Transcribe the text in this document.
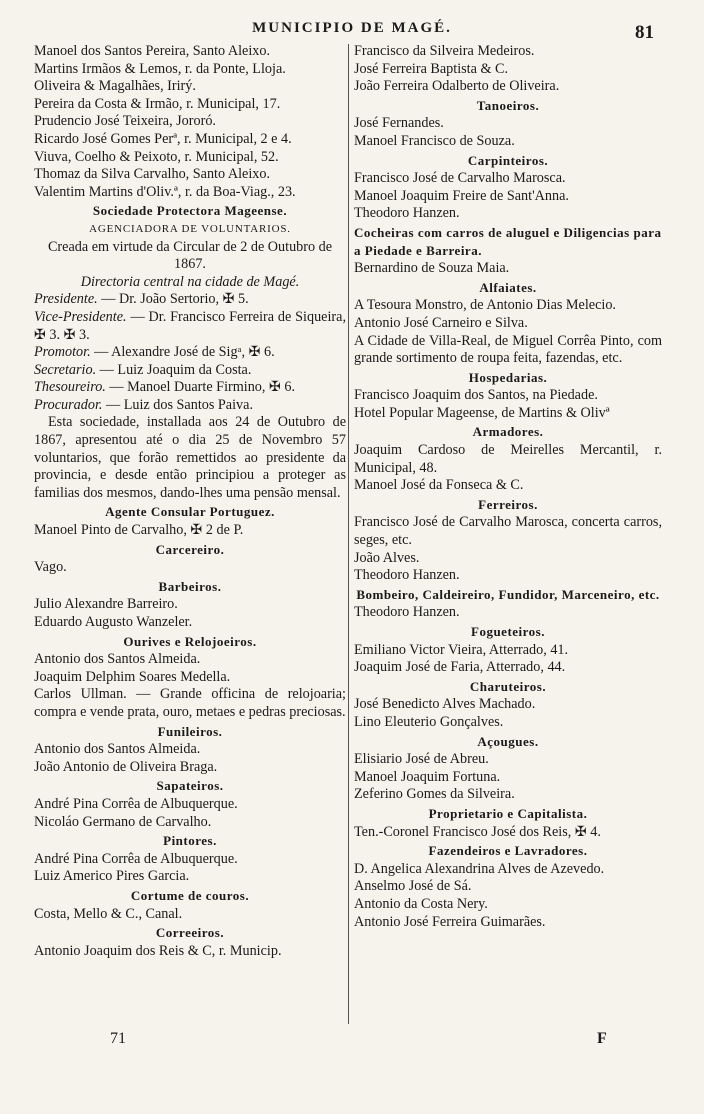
MUNICIPIO DE MAGÉ.	81
Manoel dos Santos Pereira, Santo Aleixo.
Martins Irmãos & Lemos, r. da Ponte, Lloja.
Oliveira & Magalhães, Irirý.
Pereira da Costa & Irmão, r. Municipal, 17.
Prudencio José Teixeira, Jororó.
Ricardo José Gomes Perª, r. Municipal, 2 e 4.
Viuva, Coelho & Peixoto, r. Municipal, 52.
Thomaz da Silva Carvalho, Santo Aleixo.
Valentim Martins d'Oliv.ª, r. da Boa-Viag., 23.
Sociedade Protectora Mageense.
AGENCIADORA DE VOLUNTARIOS.
Creada em virtude da Circular de 2 de Outubro de 1867.
Directoria central na cidade de Magé.
Presidente. — Dr. João Sertorio, ✠ 5.
Vice-Presidente. — Dr. Francisco Ferreira de Siqueira, ✠ 3. ✠ 3.
Promotor. — Alexandre José de Sigᵃ, ✠ 6.
Secretario. — Luiz Joaquim da Costa.
Thesoureiro. — Manoel Duarte Firmino, ✠ 6.
Procurador. — Luiz dos Santos Paiva.
Esta sociedade, installada aos 24 de Outubro de 1867, apresentou até o dia 25 de Novembro 57 voluntarios, que forão remettidos ao presidente da provincia, e desde então principiou a proteger as familias dos mesmos, dando-lhes uma pensão mensal.
Agente Consular Portuguez.
Manoel Pinto de Carvalho, ✠ 2 de P.
Carcereiro.
Vago.
Barbeiros.
Julio Alexandre Barreiro.
Eduardo Augusto Wanzeler.
Ourives e Relojoeiros.
Antonio dos Santos Almeida.
Joaquim Delphim Soares Medella.
Carlos Ullman. — Grande officina de relojoaria; compra e vende prata, ouro, metaes e pedras preciosas.
Funileiros.
Antonio dos Santos Almeida.
João Antonio de Oliveira Braga.
Sapateiros.
André Pina Corrêa de Albuquerque.
Nicoláo Germano de Carvalho.
Pintores.
André Pina Corrêa de Albuquerque.
Luiz Americo Pires Garcia.
Cortume de couros.
Costa, Mello & C., Canal.
Correeiros.
Antonio Joaquim dos Reis & C, r. Municip.
Francisco da Silveira Medeiros.
José Ferreira Baptista & C.
João Ferreira Odalberto de Oliveira.
Tanoeiros.
José Fernandes.
Manoel Francisco de Souza.
Carpinteiros.
Francisco José de Carvalho Marosca.
Manoel Joaquim Freire de Sant'Anna.
Theodoro Hanzen.
Cocheiras com carros de aluguel e Diligencias para a Piedade e Barreira.
Bernardino de Souza Maia.
Alfaiates.
A Tesoura Monstro, de Antonio Dias Melecio.
Antonio José Carneiro e Silva.
A Cidade de Villa-Real, de Miguel Corrêa Pinto, com grande sortimento de roupa feita, fazendas, etc.
Hospedarias.
Francisco Joaquim dos Santos, na Piedade.
Hotel Popular Mageense, de Martins & Olivª
Armadores.
Joaquim Cardoso de Meirelles Mercantil, r. Municipal, 48.
Manoel José da Fonseca & C.
Ferreiros.
Francisco José de Carvalho Marosca, concerta carros, seges, etc.
João Alves.
Theodoro Hanzen.
Bombeiro, Caldeireiro, Fundidor, Marceneiro, etc.
Theodoro Hanzen.
Fogueteiros.
Emiliano Victor Vieira, Atterrado, 41.
Joaquim José de Faria, Atterrado, 44.
Charuteiros.
José Benedicto Alves Machado.
Lino Eleuterio Gonçalves.
Açougues.
Elisiario José de Abreu.
Manoel Joaquim Fortuna.
Zeferino Gomes da Silveira.
Proprietario e Capitalista.
Ten.-Coronel Francisco José dos Reis, ✠ 4.
Fazendeiros e Lavradores.
D. Angelica Alexandrina Alves de Azevedo.
Anselmo José de Sá.
Antonio da Costa Nery.
Antonio José Ferreira Guimarães.
71	F
